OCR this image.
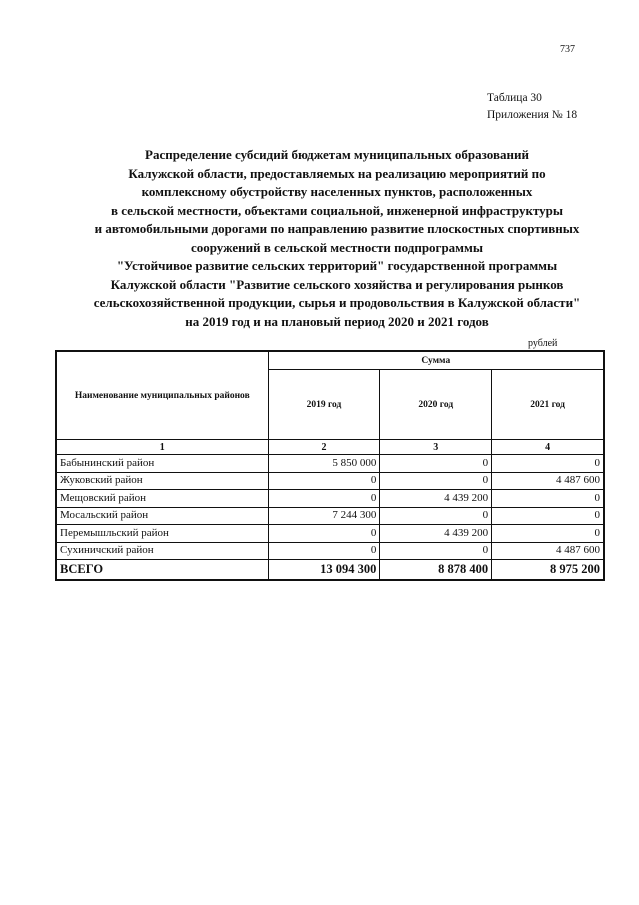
737
Таблица 30
Приложения № 18
Распределение субсидий бюджетам муниципальных образований
Калужской области, предоставляемых на реализацию мероприятий по
комплексному обустройству населенных пунктов, расположенных
в сельской местности, объектами социальной, инженерной инфраструктуры
и автомобильными дорогами по направлению развитие плоскостных спортивных
сооружений в сельской местности подпрограммы
"Устойчивое развитие сельских территорий" государственной программы
Калужской области "Развитие сельского хозяйства и регулирования рынков
сельскохозяйственной продукции, сырья и продовольствия в Калужской области"
на 2019 год и на плановый период 2020 и 2021 годов
рублей
Наименование муниципальных районов	Сумма		
	2019 год	2020 год	2021 год
1	2	3	4
Бабынинский район	5 850 000	0	0
Жуковский район	0	0	4 487 600
Мещовский район	0	4 439 200	0
Мосальский район	7 244 300	0	0
Перемышльский район	0	4 439 200	0
Сухиничский район	0	0	4 487 600
ВСЕГО	13 094 300	8 878 400	8 975 200
